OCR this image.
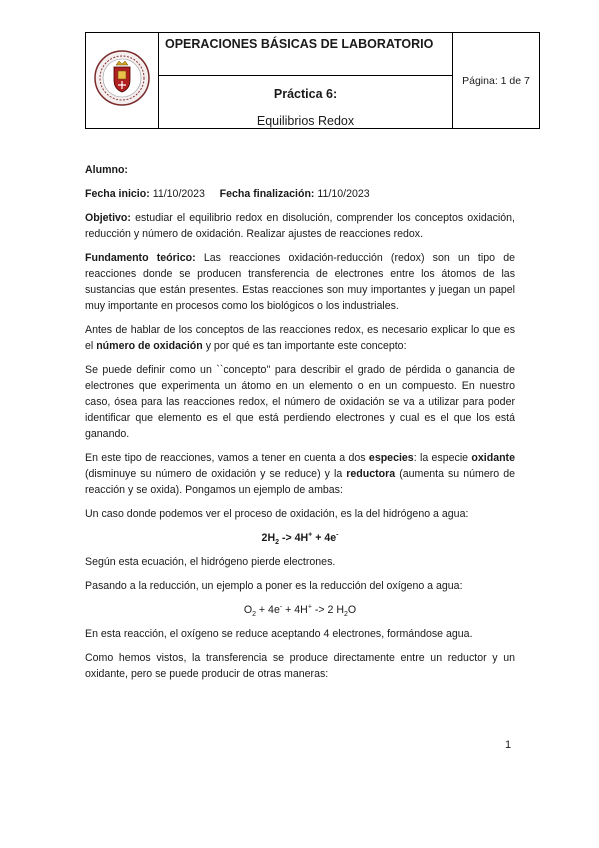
	OPERACIONES BÁSICAS DE LABORATORIO	Página: 1 de 7

Práctica 6:
Equilibrios Redox

Alumno:

Fecha inicio: 11/10/2023 Fecha finalización: 11/10/2023

Objetivo: estudiar el equilibrio redox en disolución, comprender los conceptos oxidación, reducción y número de oxidación. Realizar ajustes de reacciones redox.

Fundamento teórico: Las reacciones oxidación-reducción (redox) son un tipo de reacciones donde se producen transferencia de electrones entre los átomos de las sustancias que están presentes. Estas reacciones son muy importantes y juegan un papel muy importante en procesos como los biológicos o los industriales.

Antes de hablar de los conceptos de las reacciones redox, es necesario explicar lo que es el número de oxidación y por qué es tan importante este concepto:

Se puede definir como un ``concepto'' para describir el grado de pérdida o ganancia de electrones que experimenta un átomo en un elemento o en un compuesto. En nuestro caso, ósea para las reacciones redox, el número de oxidación se va a utilizar para poder identificar que elemento es el que está perdiendo electrones y cual es el que los está ganando.

En este tipo de reacciones, vamos a tener en cuenta a dos especies: la especie oxidante (disminuye su número de oxidación y se reduce) y la reductora (aumenta su número de reacción y se oxida). Pongamos un ejemplo de ambas:

Un caso donde podemos ver el proceso de oxidación, es la del hidrógeno a agua:

$2H_2 -> 4H^+ + 4e^-$

Según esta ecuación, el hidrógeno pierde electrones.

Pasando a la reducción, un ejemplo a poner es la reducción del oxígeno a agua:

$O_2 + 4e^- + 4H^+ -> 2$ $H_2O$

En esta reacción, el oxígeno se reduce aceptando 4 electrones, formándose agua.

Como hemos vistos, la transferencia se produce directamente entre un reductor y un oxidante, pero se puede producir de otras maneras:

1
